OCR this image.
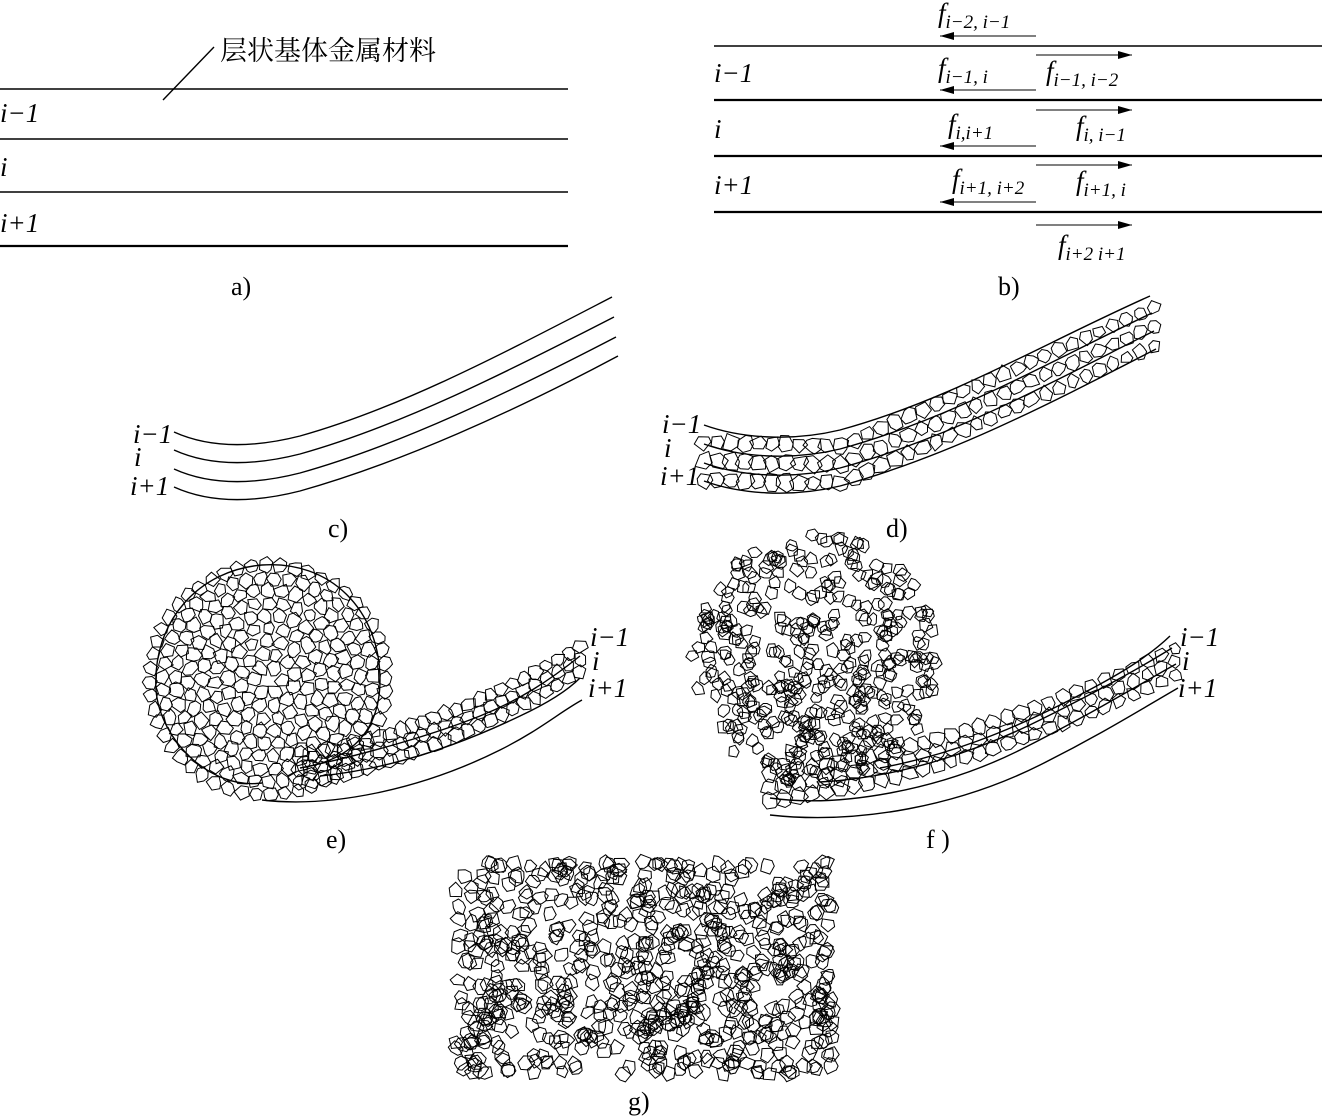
层状基体金属材料
i−1
i
i+1
a)
i−1
i
i+1
fi−2, i−1
fi−1, i
fi,i+1
fi+1, i+2
fi−1, i−2
fi, i−1
fi+1, i
fi+2 i+1
b)
i−1
i
i+1
c)
i−1
i
i+1
d)
i−1
i
i+1
e)
i−1
i
i+1
f )
g)
